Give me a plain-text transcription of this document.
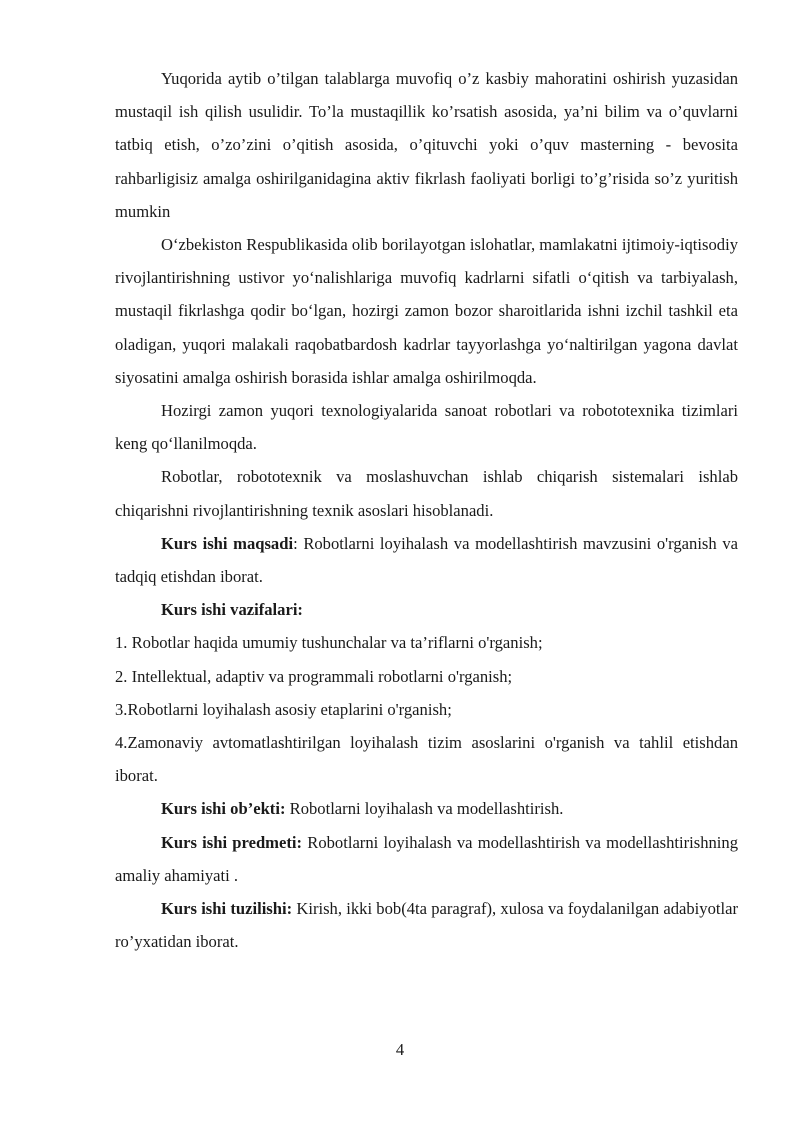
Yuqorida aytib o’tilgan talablarga muvofiq o’z kasbiy mahoratini oshirish yuzasidan mustaqil ish qilish usulidir. To’la mustaqillik ko’rsatish asosida, ya’ni bilim va o’quvlarni tatbiq etish, o’zo’zini o’qitish asosida, o’qituvchi yoki o’quv masterning - bevosita rahbarligisiz amalga oshirilganidagina aktiv fikrlash faoliyati borligi to’g’risida so’z yuritish mumkin

O‘zbekiston Respublikasida olib borilayotgan islohatlar, mamlakatni ijtimoiy-iqtisodiy rivojlantirishning ustivor yo‘nalishlariga muvofiq kadrlarni sifatli o‘qitish va tarbiyalash, mustaqil fikrlashga qodir bo‘lgan, hozirgi zamon bozor sharoitlarida ishni izchil tashkil eta oladigan, yuqori malakali raqobatbardosh kadrlar tayyorlashga yo‘naltirilgan yagona davlat siyosatini amalga oshirish borasida ishlar amalga oshirilmoqda.

Hozirgi zamon yuqori texnologiyalarida sanoat robotlari va robototexnika tizimlari keng qo‘llanilmoqda.

Robotlar, robototexnik va moslashuvchan ishlab chiqarish sistemalari ishlab chiqarishni rivojlantirishning texnik asoslari hisoblanadi.

Kurs ishi maqsadi: Robotlarni loyihalash va modellashtirish mavzusini o'rganish va tadqiq etishdan iborat.

Kurs ishi vazifalari:

1. Robotlar haqida umumiy tushunchalar va ta’riflarni o'rganish;

2. Intellektual, adaptiv va programmali robotlarni o'rganish;

3.Robotlarni loyihalash asosiy etaplarini o'rganish;

4.Zamonaviy avtomatlashtirilgan loyihalash tizim asoslarini o'rganish va tahlil etishdan iborat.

Kurs ishi ob’ekti: Robotlarni loyihalash va modellashtirish.

Kurs ishi predmeti: Robotlarni loyihalash va modellashtirish va modellashtirishning amaliy ahamiyati .

Kurs ishi tuzilishi: Kirish, ikki bob(4ta paragraf), xulosa va foydalanilgan adabiyotlar ro’yxatidan iborat.

4
